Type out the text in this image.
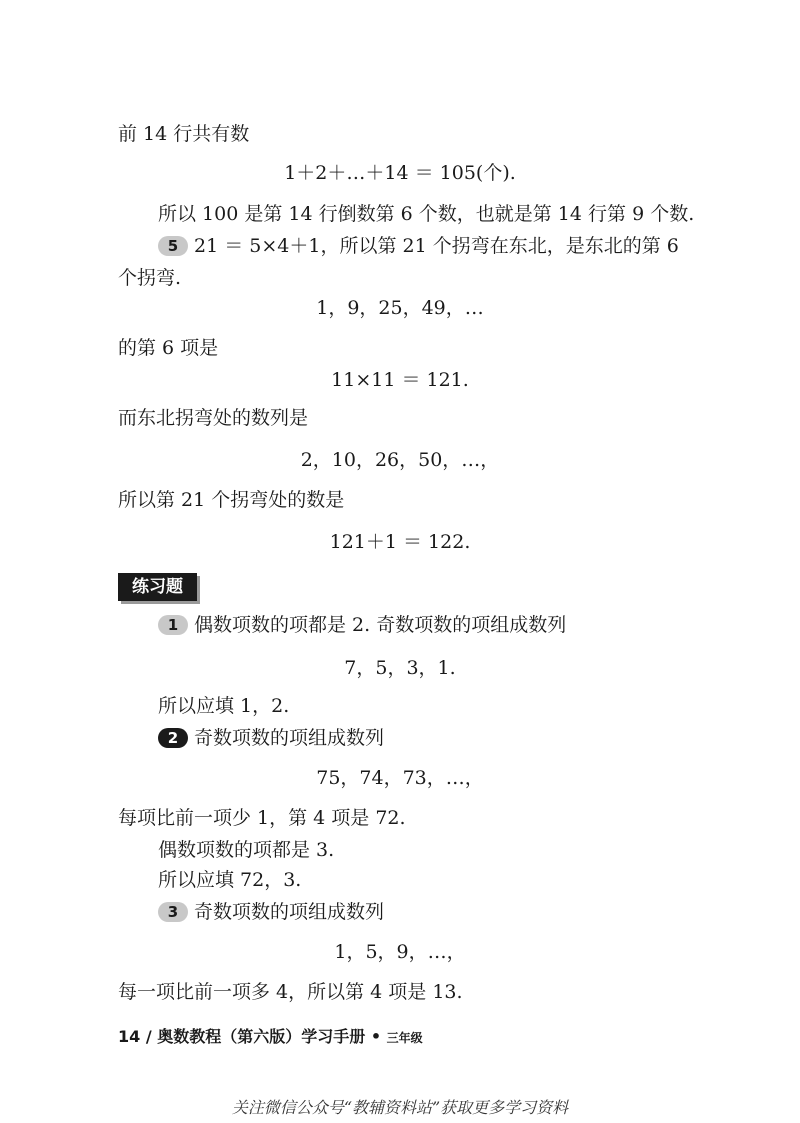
前 14 行共有数
1＋2＋…＋14 ＝ 105(个).
所以 100 是第 14 行倒数第 6 个数，也就是第 14 行第 9 个数.
5 21 ＝ 5×4＋1，所以第 21 个拐弯在东北，是东北的第 6
个拐弯.
1，9，25，49，…
的第 6 项是
11×11 ＝ 121.
而东北拐弯处的数列是
2，10，26，50，…，
所以第 21 个拐弯处的数是
121＋1 ＝ 122.
练习题
1 偶数项数的项都是 2. 奇数项数的项组成数列
7，5，3，1.
所以应填 1，2.
2 奇数项数的项组成数列
75，74，73，…，
每项比前一项少 1，第 4 项是 72.
偶数项数的项都是 3.
所以应填 72，3.
3 奇数项数的项组成数列
1，5，9，…，
每一项比前一项多 4，所以第 4 项是 13.
14 / 奥数教程（第六版）学习手册 • 三年级
关注微信公众号“教辅资料站”获取更多学习资料
